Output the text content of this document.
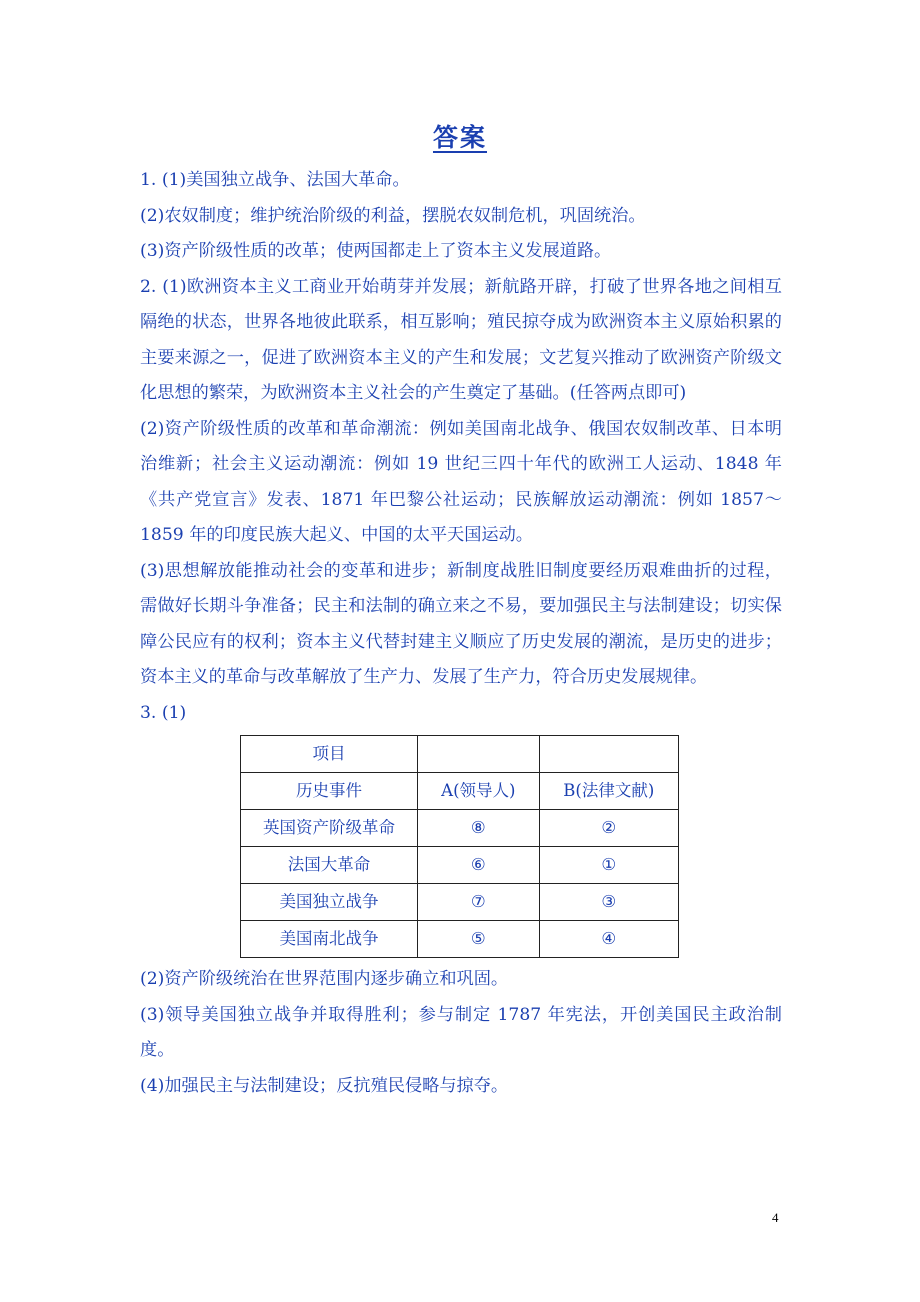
答案

1. (1)美国独立战争、法国大革命。

(2)农奴制度；维护统治阶级的利益，摆脱农奴制危机，巩固统治。

(3)资产阶级性质的改革；使两国都走上了资本主义发展道路。

2. (1)欧洲资本主义工商业开始萌芽并发展；新航路开辟，打破了世界各地之间相互隔绝的状态，世界各地彼此联系，相互影响；殖民掠夺成为欧洲资本主义原始积累的主要来源之一，促进了欧洲资本主义的产生和发展；文艺复兴推动了欧洲资产阶级文化思想的繁荣，为欧洲资本主义社会的产生奠定了基础。(任答两点即可)

(2)资产阶级性质的改革和革命潮流：例如美国南北战争、俄国农奴制改革、日本明治维新；社会主义运动潮流：例如 19 世纪三四十年代的欧洲工人运动、1848 年《共产党宣言》发表、1871 年巴黎公社运动；民族解放运动潮流：例如 1857～1859 年的印度民族大起义、中国的太平天国运动。

(3)思想解放能推动社会的变革和进步；新制度战胜旧制度要经历艰难曲折的过程，需做好长期斗争准备；民主和法制的确立来之不易，要加强民主与法制建设；切实保障公民应有的权利；资本主义代替封建主义顺应了历史发展的潮流，是历史的进步；资本主义的革命与改革解放了生产力、发展了生产力，符合历史发展规律。

3. (1)

项目		
历史事件	A(领导人)	B(法律文献)
英国资产阶级革命	⑧	②
法国大革命	⑥	①
美国独立战争	⑦	③
美国南北战争	⑤	④

(2)资产阶级统治在世界范围内逐步确立和巩固。

(3)领导美国独立战争并取得胜利；参与制定 1787 年宪法，开创美国民主政治制度。

(4)加强民主与法制建设；反抗殖民侵略与掠夺。

4
